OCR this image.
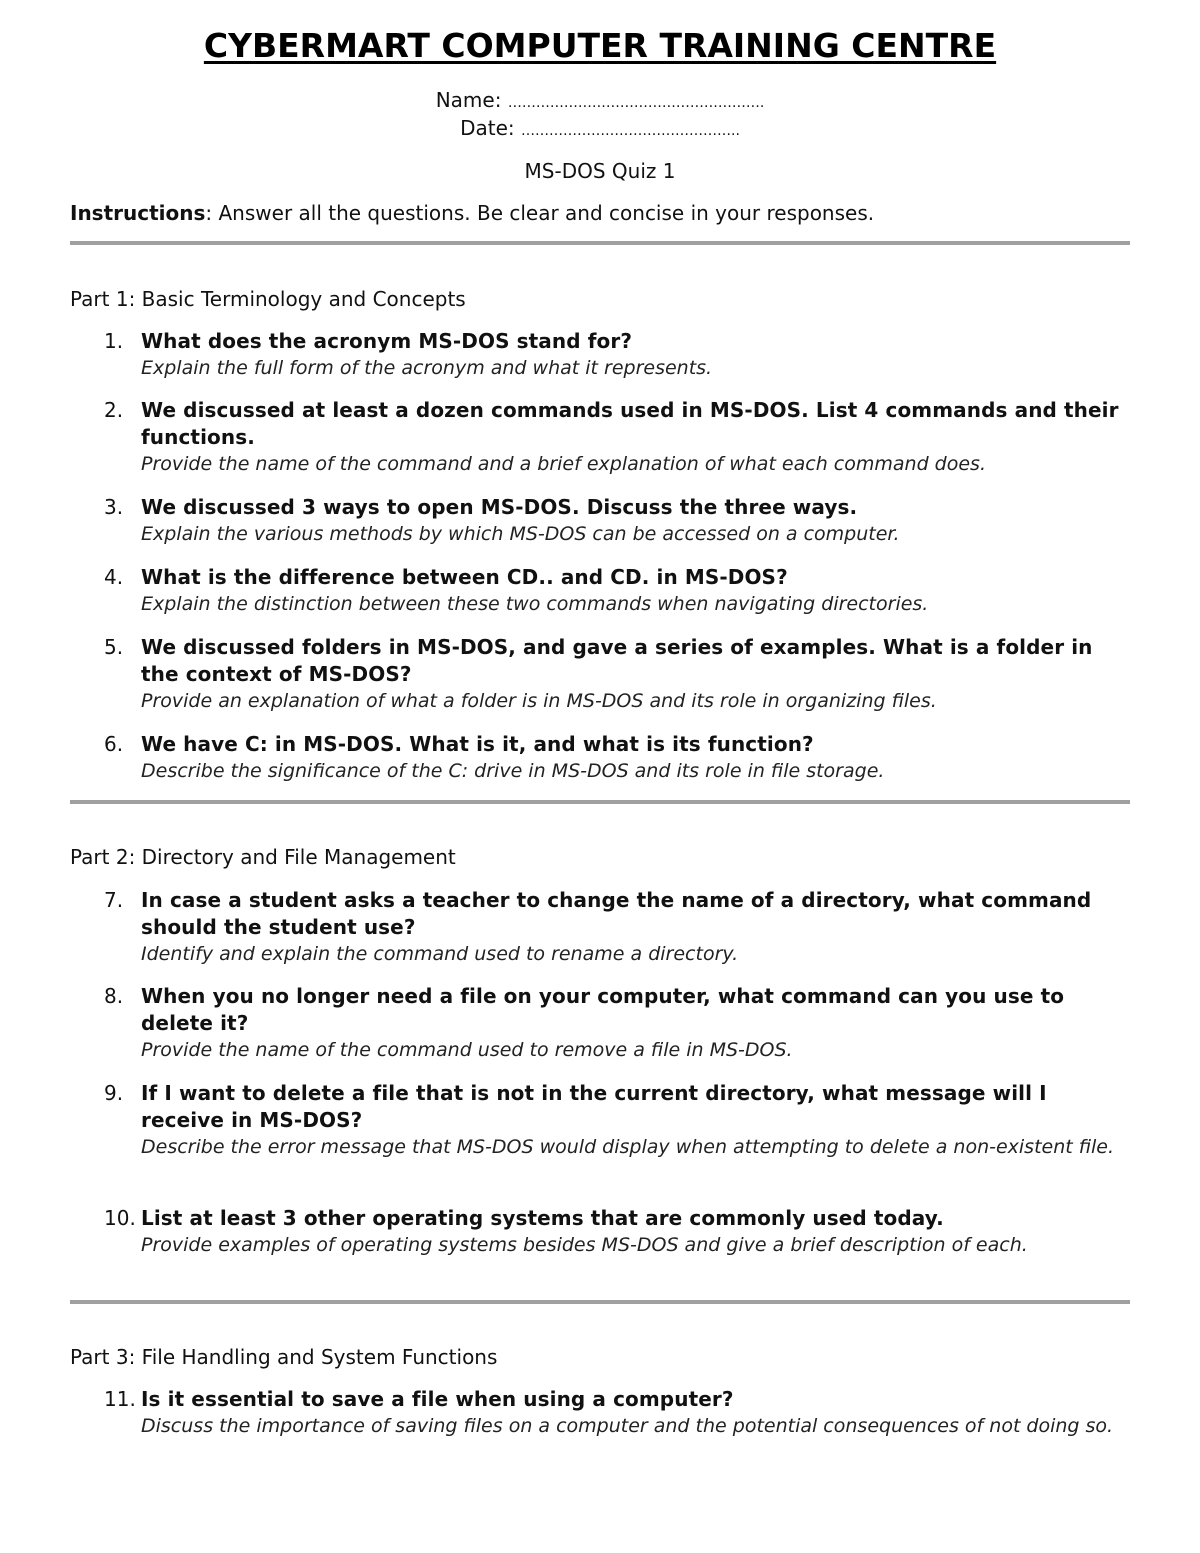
CYBERMART COMPUTER TRAINING CENTRE
Name: ……………………………………………….
Date: ………………………………………..
MS-DOS Quiz 1
Instructions: Answer all the questions. Be clear and concise in your responses.
Part 1: Basic Terminology and Concepts
1. What does the acronym MS-DOS stand for?
Explain the full form of the acronym and what it represents.
2. We discussed at least a dozen commands used in MS-DOS. List 4 commands and their functions.
Provide the name of the command and a brief explanation of what each command does.
3. We discussed 3 ways to open MS-DOS. Discuss the three ways.
Explain the various methods by which MS-DOS can be accessed on a computer.
4. What is the difference between CD.. and CD. in MS-DOS?
Explain the distinction between these two commands when navigating directories.
5. We discussed folders in MS-DOS, and gave a series of examples. What is a folder in the context of MS-DOS?
Provide an explanation of what a folder is in MS-DOS and its role in organizing files.
6. We have C: in MS-DOS. What is it, and what is its function?
Describe the significance of the C: drive in MS-DOS and its role in file storage.
Part 2: Directory and File Management
7. In case a student asks a teacher to change the name of a directory, what command should the student use?
Identify and explain the command used to rename a directory.
8. When you no longer need a file on your computer, what command can you use to delete it?
Provide the name of the command used to remove a file in MS-DOS.
9. If I want to delete a file that is not in the current directory, what message will I receive in MS-DOS?
Describe the error message that MS-DOS would display when attempting to delete a non-existent file.
10. List at least 3 other operating systems that are commonly used today.
Provide examples of operating systems besides MS-DOS and give a brief description of each.
Part 3: File Handling and System Functions
11. Is it essential to save a file when using a computer?
Discuss the importance of saving files on a computer and the potential consequences of not doing so.
